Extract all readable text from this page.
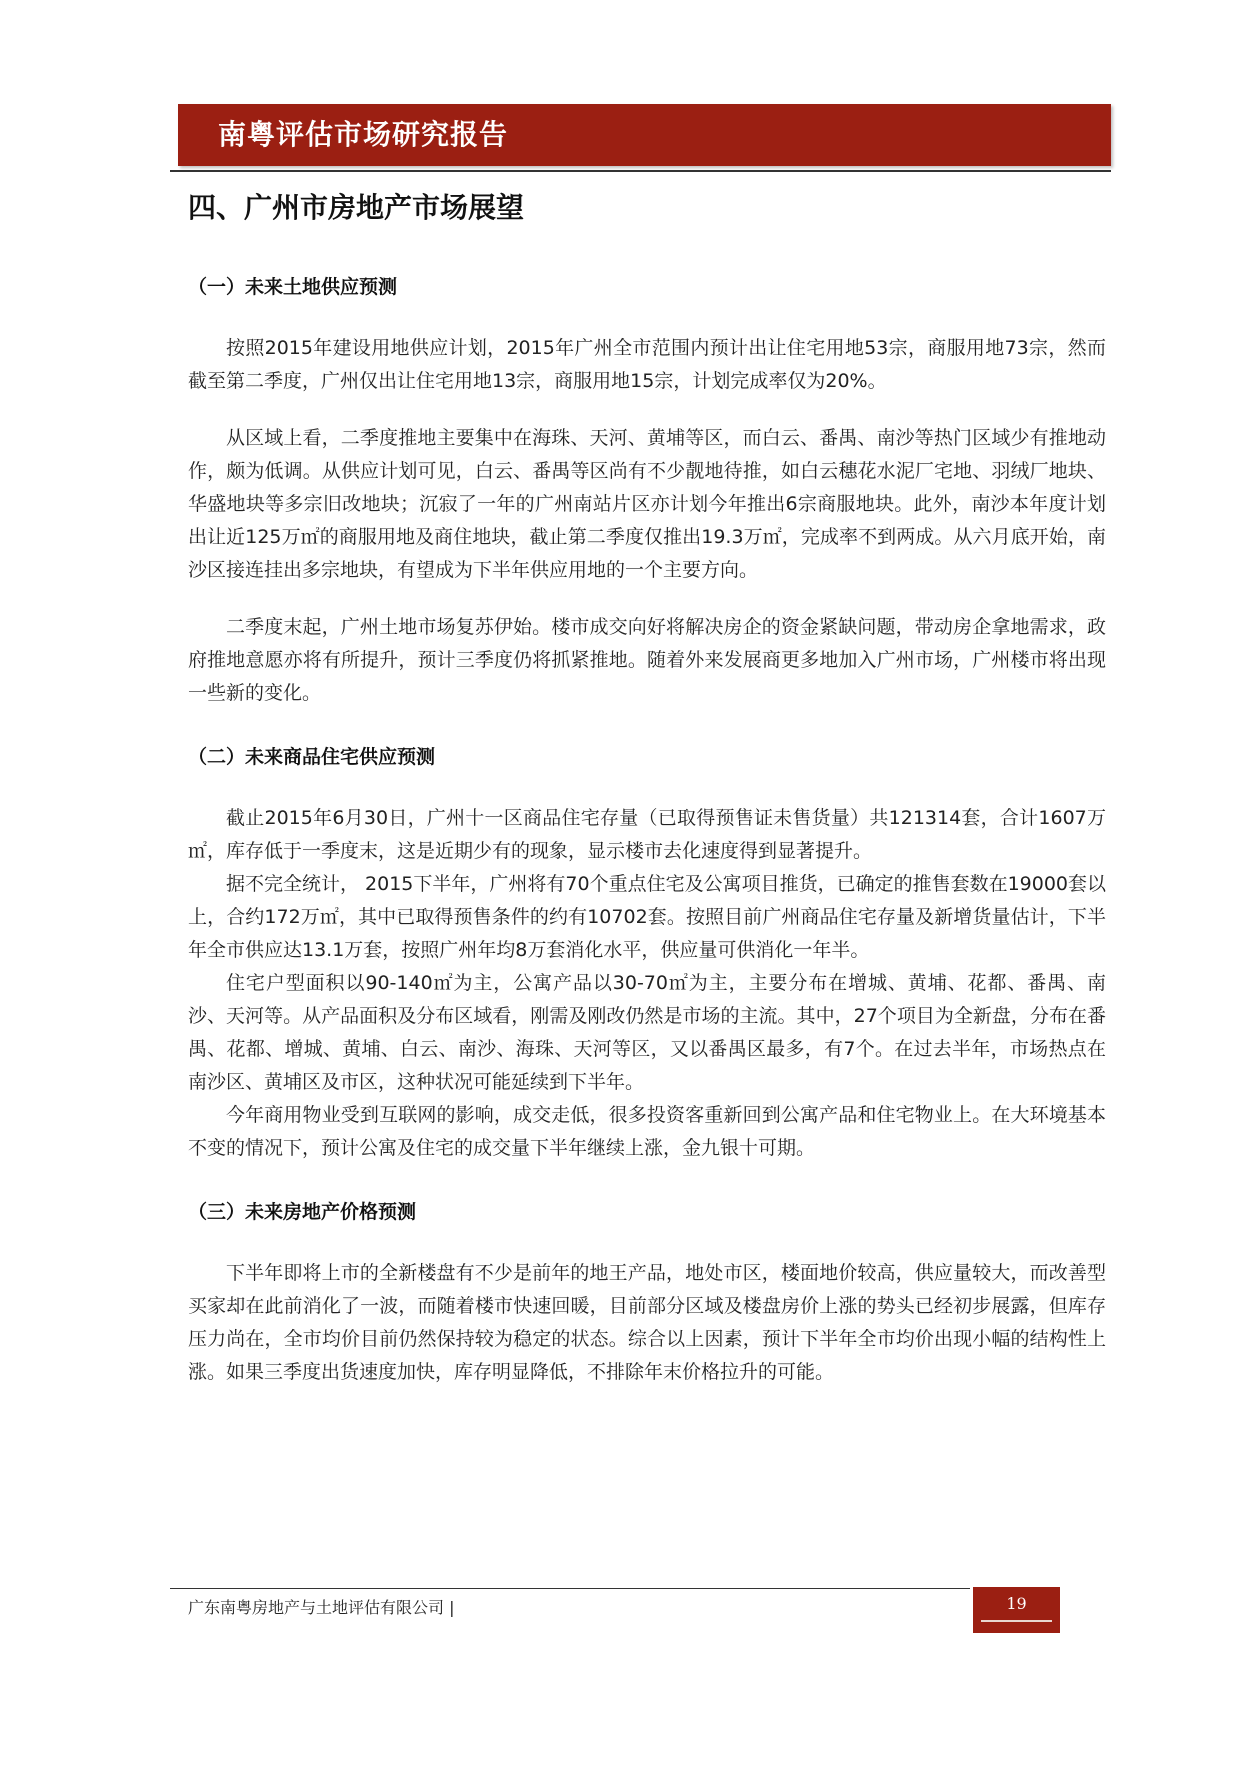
南粤评估市场研究报告
四、广州市房地产市场展望
（一）未来土地供应预测

按照2015年建设用地供应计划，2015年广州全市范围内预计出让住宅用地53宗，商服用地73宗，然而截至第二季度，广州仅出让住宅用地13宗，商服用地15宗，计划完成率仅为20%。

从区域上看，二季度推地主要集中在海珠、天河、黄埔等区，而白云、番禺、南沙等热门区域少有推地动作，颇为低调。从供应计划可见，白云、番禺等区尚有不少靓地待推，如白云穗花水泥厂宅地、羽绒厂地块、华盛地块等多宗旧改地块；沉寂了一年的广州南站片区亦计划今年推出6宗商服地块。此外，南沙本年度计划出让近125万㎡的商服用地及商住地块，截止第二季度仅推出19.3万㎡，完成率不到两成。从六月底开始，南沙区接连挂出多宗地块，有望成为下半年供应用地的一个主要方向。

二季度末起，广州土地市场复苏伊始。楼市成交向好将解决房企的资金紧缺问题，带动房企拿地需求，政府推地意愿亦将有所提升，预计三季度仍将抓紧推地。随着外来发展商更多地加入广州市场，广州楼市将出现一些新的变化。

（二）未来商品住宅供应预测

截止2015年6月30日，广州十一区商品住宅存量（已取得预售证未售货量）共121314套，合计1607万㎡，库存低于一季度末，这是近期少有的现象，显示楼市去化速度得到显著提升。

据不完全统计， 2015下半年，广州将有70个重点住宅及公寓项目推货，已确定的推售套数在19000套以上，合约172万㎡，其中已取得预售条件的约有10702套。按照目前广州商品住宅存量及新增货量估计，下半年全市供应达13.1万套，按照广州年均8万套消化水平，供应量可供消化一年半。

住宅户型面积以90-140㎡为主，公寓产品以30-70㎡为主，主要分布在增城、黄埔、花都、番禺、南沙、天河等。从产品面积及分布区域看，刚需及刚改仍然是市场的主流。其中，27个项目为全新盘，分布在番禺、花都、增城、黄埔、白云、南沙、海珠、天河等区，又以番禺区最多，有7个。在过去半年，市场热点在南沙区、黄埔区及市区，这种状况可能延续到下半年。

今年商用物业受到互联网的影响，成交走低，很多投资客重新回到公寓产品和住宅物业上。在大环境基本不变的情况下，预计公寓及住宅的成交量下半年继续上涨，金九银十可期。

（三）未来房地产价格预测

下半年即将上市的全新楼盘有不少是前年的地王产品，地处市区，楼面地价较高，供应量较大，而改善型买家却在此前消化了一波，而随着楼市快速回暖，目前部分区域及楼盘房价上涨的势头已经初步展露，但库存压力尚在，全市均价目前仍然保持较为稳定的状态。综合以上因素，预计下半年全市均价出现小幅的结构性上涨。如果三季度出货速度加快，库存明显降低，不排除年末价格拉升的可能。

广东南粤房地产与土地评估有限公司 |	19
